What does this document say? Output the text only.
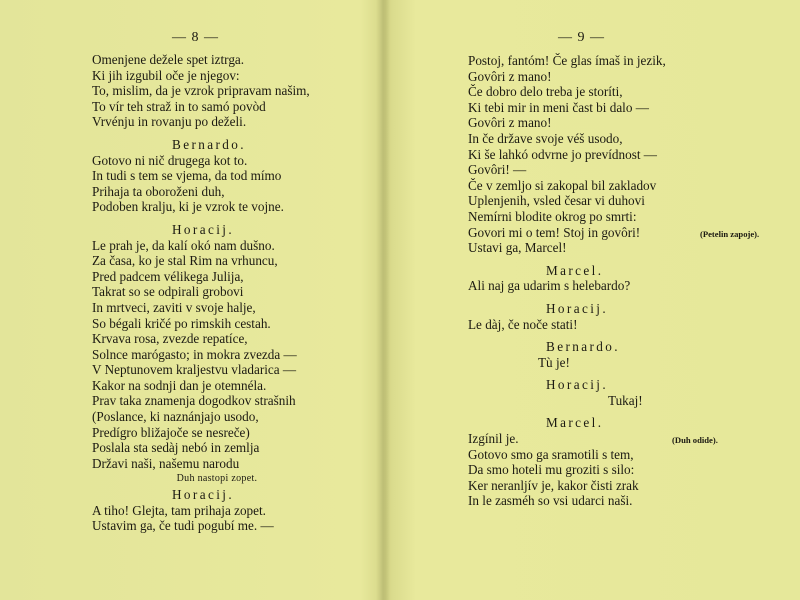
— 8 —
Omenjene dežele spet iztrga.
Ki jih izgubil oče je njegov:
To, mislim, da je vzrok pripravam našim,
To vír teh straž in to samó povòd
Vrvénju in rovanju po deželi.
Bernardo.
Gotovo ni nič drugega kot to.
In tudi s tem se vjema, da tod mímo
Prihaja ta oboroženi duh,
Podoben kralju, ki je vzrok te vojne.
Horacij.
Le prah je, da kalí okó nam dušno.
Za časa, ko je stal Rim na vrhuncu,
Pred padcem vélikega Julija,
Takrat so se odpirali grobovi
In mrtveci, zaviti v svoje halje,
So bégali kričé po rimskih cestah.
Krvava rosa, zvezde repatíce,
Solnce marógasto; in mokra zvezda —
V Neptunovem kraljestvu vladarica —
Kakor na sodnji dan je otemnéla.
Prav taka znamenja dogodkov strašnih
(Poslance, ki naznánjajo usodo,
Predígro bližajoče se nesreče)
Poslala sta sedàj nebó in zemlja
Državi naši, našemu narodu
Duh nastopi zopet.
Horacij.
A tiho! Glejta, tam prihaja zopet.
Ustavim ga, če tudi pogubí me. —
— 9 —
Postoj, fantóm! Če glas ímaš in jezik,
Govôri z mano!
Če dobro delo treba je storíti,
Ki tebi mir in meni čast bi dalo —
Govôri z mano!
In če državе svoje véš usodo,
Ki še lahkó odvrne jo prevídnost —
Govôri! —
Če v zemljo si zakopal bil zakladov
Uplenjenih, vsled česar vi duhovi
Nemírni blodite okrog po smrti:
Govori mi o tem! Stoj in govôri!	(Petelin zapoje).
Ustavi ga, Marcel!
Marcel.
Ali naj ga udarim s helebardo?
Horacij.
Le dàj, če noče stati!
Bernardo.
Tù je!
Horacij.
Tukaj!
Marcel.
Izgínil je.	(Duh odide).
Gotovo smo ga sramotili s tem,
Da smo hoteli mu groziti s silo:
Ker neranljív je, kakor čisti zrak
In le zasméh so vsi udarci naši.
